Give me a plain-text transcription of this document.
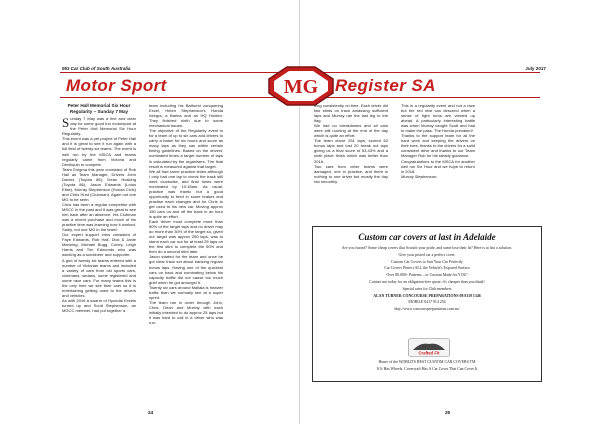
MG Car Club of South Australia	July 2017
Motor Sport	MG Register SA
Peter Hall Memorial Six Hour Regularity – Sunday 7 May

Sunday 7 May was a fine and clear day for some good fun motorsport at the Peter Hall Memorial Six Hour Regularity.

This event was a pet project of Peter Hall and it is great to see it run again with a full field of twenty six teams. The event is well run by the MSCA and teams regularly came from Victoria and Deniliquin to compete.

Team Enigma this year consisted of Rob Hall as Team Manager, Drivers John Davies (Toyota 86), Dean Hosking (Toyota 86), Jason Edwards (Lotus Elise), Murray Stephenson (Honda Civic) and Chris Hunt (Clubman). Again not one MG to be seen.

Chris has been a regular competitor with MSCC in the past and it was great to see him back after an absence. His Clubman was a recent purchase and much of his practice time was learning how it worked. Sadly, not one MG in the team!

Our expert support crew consisted of Faye Edwards, Rob Hall, Dick & Janie Manning, Michael Bugg, Curley, Leigh Harris and Tim Edmonds who was working as a scrutineer and supporter.

A grid of twenty six teams entered with a number of Victorian teams and included a variety of cars from old sports cars, clubmans, sedans, some registered and some race cars. For many teams this is the only time we see their cars so it is entertaining getting used to the drivers and vehicles.

As with 2016 a swarm of Hyundai Excels turned up and Scott Stephenson, an MGCC member, had put together a

team including his Bathurst conquering Excel, Helen Stephenson's Honda Integra, a Barina and an HQ Holden. They finished ninth due to some mechanical issues.

The objective of the Regularity event is for a team of up to six cars and drivers to carry a baton for six hours and score as many laps as they can within certain timing guidelines. Based on the drivers' nominated times a target number of laps is calculated by the organisers. The final result is measured against that target.

We all had some practice times although I only had one lap to check the track still went clockwise, and final times were nominated by 10:15am. As usual, practice was frantic but a good opportunity to feed in some brakes and practise each changes and for Chris to get used to his new car. Moving approx 150 cars on and off the track in an hour is quite an effort.

Each driver must complete more than 50% of the target laps and no driver may do more than 30% of the target so, given our target was approx 250 laps, was to stand each car out for at least 25 laps on the first stint to complete the 50% and then do a second stint later.

Jason started for the team and once he got clear track set about banking regular bonus laps. Having one of the quickest cars on track and nominating below his capacity traffic did not cause too much grief when he got amongst it.

Twenty six cars around Mallala is heavier traffic than we normally see at a super sprint.

The team ran in order through John, Chris, Dean and Murray with each initially intended to do approx 25 laps but it was hard to call in a driver who was run-

ning consistently on time. Each driver did two stints on track amassing sufficient laps and Murray ran the last leg to the flag.

We had no breakdowns and all cars were still running at the end of the day which is quite an effort.

The team drove 251 laps, scored 62 bonus laps and lost 20 break out laps giving us a final score of 53.43% and a sixth place finish which was better than 2016.

Two cars from other teams were damaged, one in practice, and there is nothing to one driver but mostly the day ran smoothly.

This is a regularity event and not a race but the red mist can descend when a sense of tight turns are viewed up ahead. A particularly interesting battle was when Murray caught Scott and had to make the pass. The Honda prevailed!

Thanks to the support team for all the hard work and keeping the drivers on their toes, thanks to the drivers for a solid consistent drive and thanks to our Team Manager Rob for his steady guidance.

Congratulations to the MSCA for another well run Six Hour and we hope to return in 2018.

Murray Stephenson.

Custom car covers at last in Adelaide
Are you fussed? Some cheap covers that Scratch your pride, and some lose their fit? Here is at last a solution.
Give your prized car a perfect cover.
Custom Car Covers to Suit Your Car Perfectly
Car Covers Protect ALL the Vehicle's Exposed Surface
Over 80,000+ Patterns – or Custom Made for YOU!
Contact me today for an obligation-free quote, it's cheaper than you think!
Special rates for Club members
ALAN TURNER CONCOURSE PREPARATIONS 08 8119 1346
MOBILE 0417 914 254
http://www.concourspreparations.com.au/
Crafted Fit
Home of the WORLD'S BEST CUSTOM CAR COVERS TM
If It Has Wheels, Covercraft Has A Car Cover That Can Cover It
24	25
